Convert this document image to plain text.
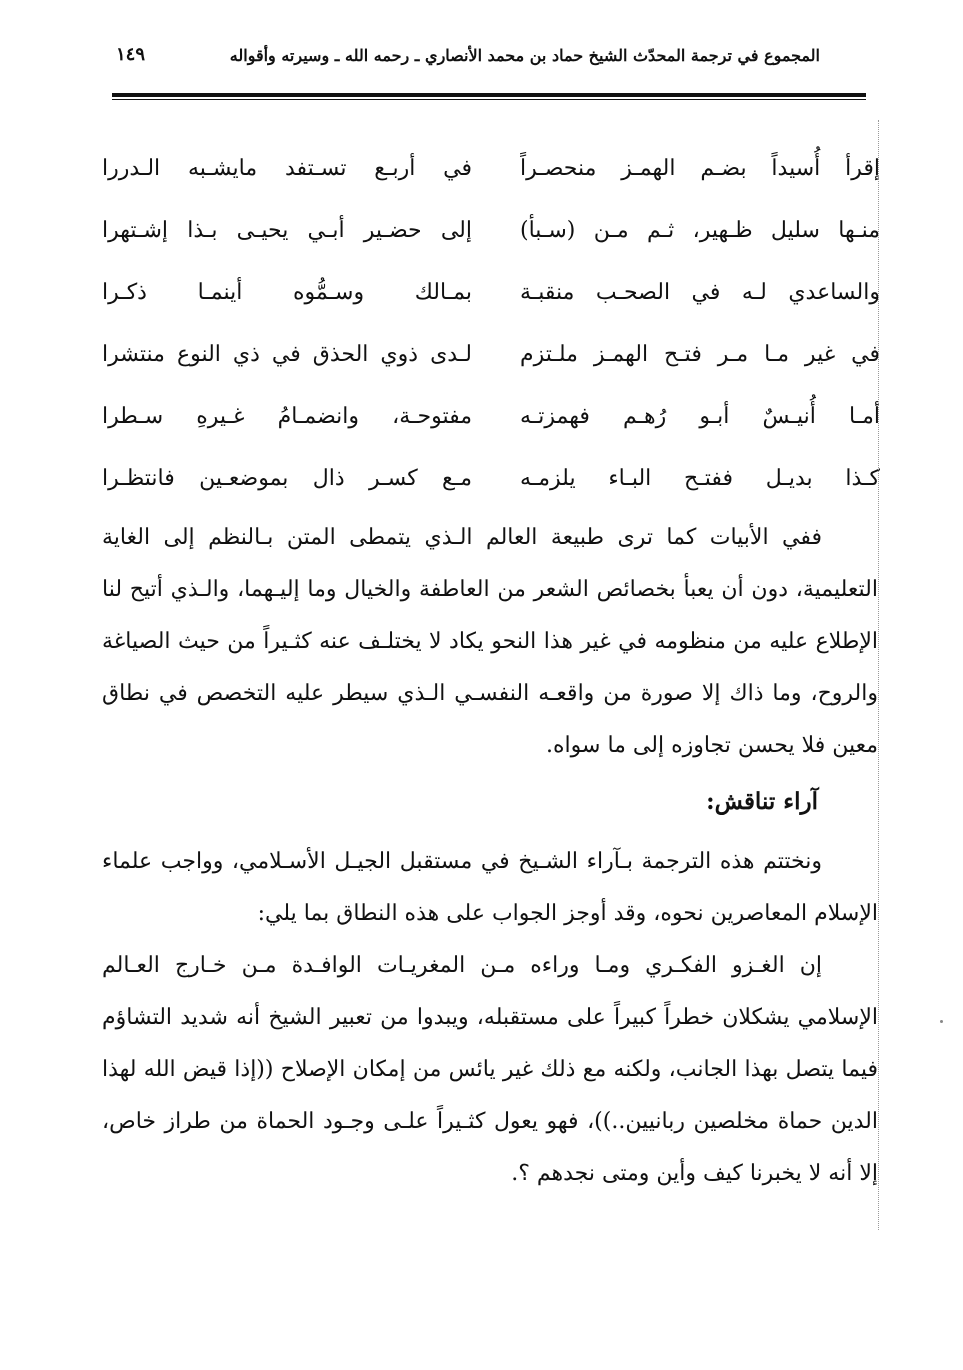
المجموع في ترجمة المحدّث الشيخ حماد بن محمد الأنصاري ـ رحمه الله ـ وسيرته وأقواله
١٤٩
إقرأ أُسيداً بضـم الهمـز منحصـراً
في أربـع تسـتفد مايشـبه الـدررا
منـها سليل ظـهير، ثـم مـن (سـبأ)
إلى حضـير أبـي يحيـى بـذا إشـتهرا
والساعدي لـه في الصحـب منقبـة
بمـالك وسـمُّوه أينمـا ذكـرا
في غير مـا مـر فتـح الهمـز ملـتزم
لـدى ذوي الحذق في ذي النوع منتشرا
أمـا أُنيـسٌ أبـو رُهـم فهمزتـه
مفتوحـة، وانضمـامُ غـيرهِ سـطرا
كـذا بديـل ففتـح البـاء يلزمـه
مـع كسـر ذال بموضعـين فانتظـرا

ففي الأبيات كما ترى طبيعة العالم الـذي يتمطى المتن بـالنظم إلى الغاية التعليمية، دون أن يعبأ بخصائص الشعر من العاطفة والخيال وما إليـهما، والـذي أتيح لنا الإطلاع عليه من منظومه في غير هذا النحو يكاد لا يختلـف عنه كثـيراً من حيث الصياغة والروح، وما ذاك إلا صورة من واقعـه النفسـي الـذي سيطر عليه التخصص في نطاق معين فلا يحسن تجاوزه إلى ما سواه.

آراء تناقش:

ونختتم هذه الترجمة بـآراء الشـيخ في مستقبل الجيـل الأسـلامي، وواجب علماء الإسلام المعاصرين نحوه، وقد أوجز الجواب على هذه النطاق بما يلي:

إن الغـزو الفكـري ومـا وراءه مـن المغريـات الوافـدة مـن خـارج العـالم الإسلامي يشكلان خطراً كبيراً على مستقبله، ويبدوا من تعبير الشيخ أنه شديد التشاؤم فيما يتصل بهذا الجانب، ولكنه مع ذلك غير يائس من إمكان الإصلاح ((إذا قيض الله لهذا الدين حماة مخلصين ربانيين..))، فهو يعول كثـيراً علـى وجـود الحماة من طراز خاص، إلا أنه لا يخبرنا كيف وأين ومتى نجدهم ؟.
